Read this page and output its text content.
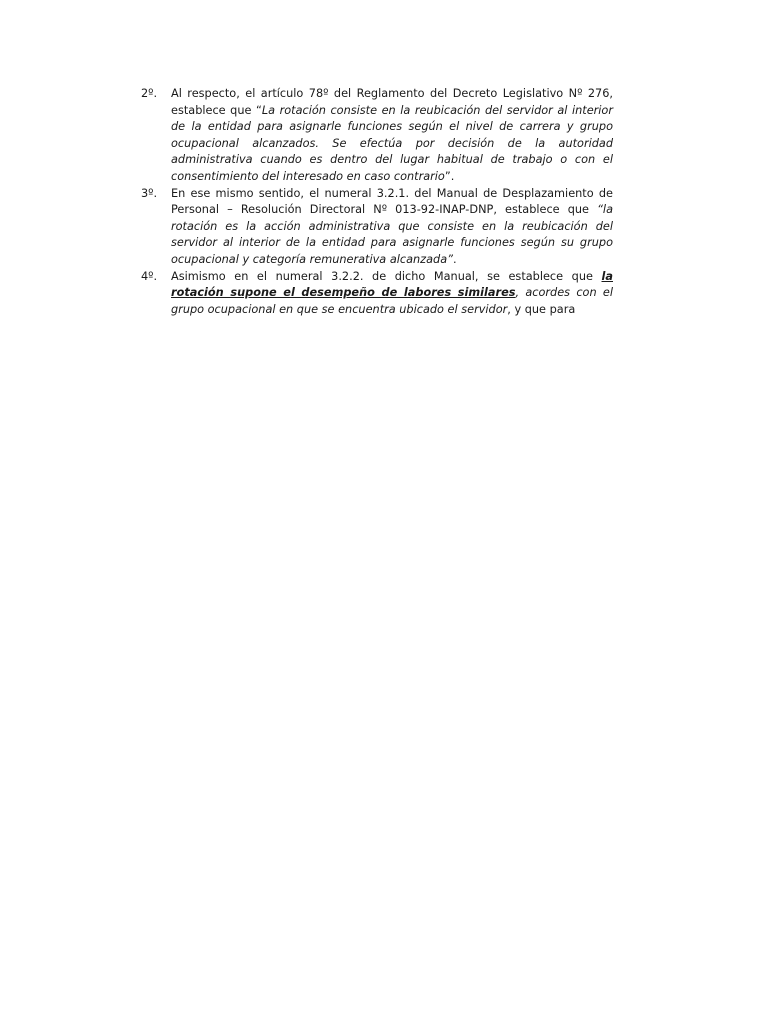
2º.	Al respecto, el artículo 78º del Reglamento del Decreto Legislativo Nº 276, establece que “La rotación consiste en la reubicación del servidor al interior de la entidad para asignarle funciones según el nivel de carrera y grupo ocupacional alcanzados. Se efectúa por decisión de la autoridad administrativa cuando es dentro del lugar habitual de trabajo o con el consentimiento del interesado en caso contrario”.
3º.	En ese mismo sentido, el numeral 3.2.1. del Manual de Desplazamiento de Personal – Resolución Directoral Nº 013-92-INAP-DNP, establece que “la rotación es la acción administrativa que consiste en la reubicación del servidor al interior de la entidad para asignarle funciones según su grupo ocupacional y categoría remunerativa alcanzada”.
4º.	Asimismo en el numeral 3.2.2. de dicho Manual, se establece que la rotación supone el desempeño de labores similares, acordes con el grupo ocupacional en que se encuentra ubicado el servidor, y que para
